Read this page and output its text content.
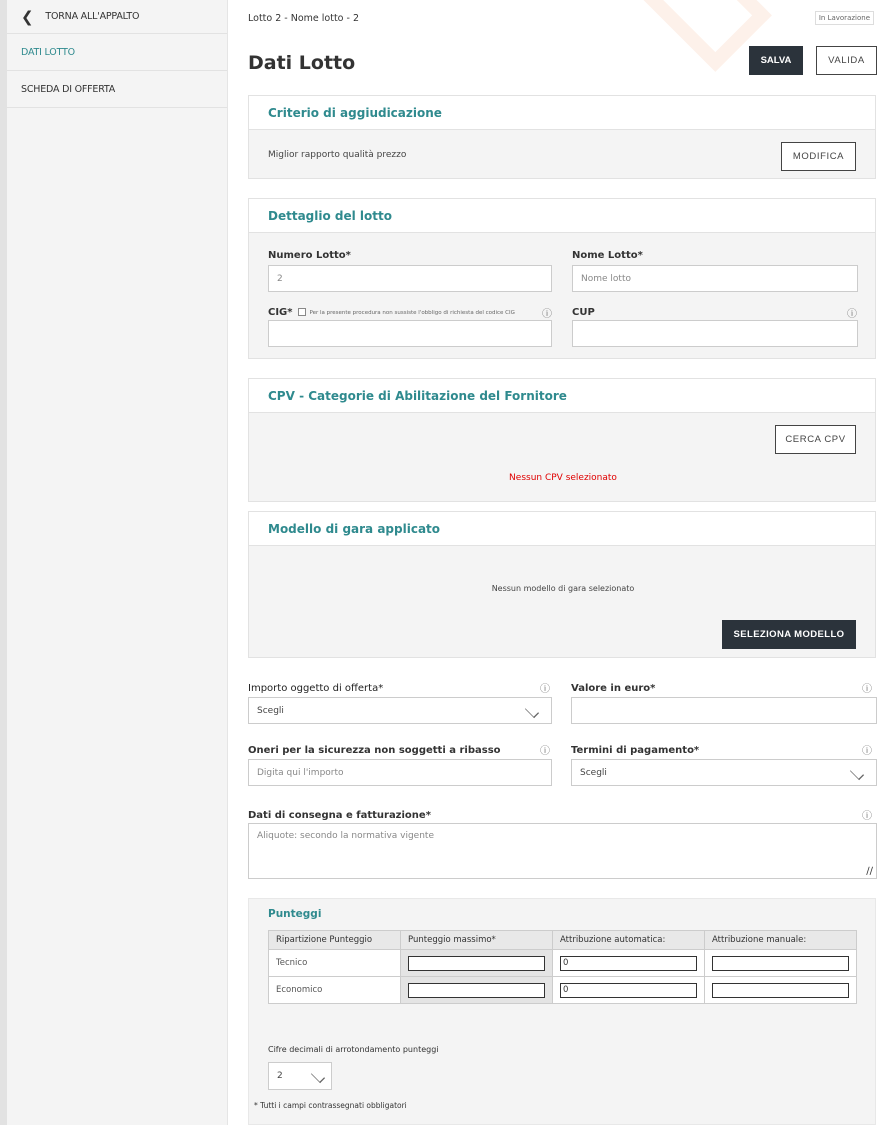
❮ TORNA ALL'APPALTO
DATI LOTTO
SCHEDA DI OFFERTA
Lotto 2 - Nome lotto - 2	In Lavorazione
Dati Lotto	SALVA	VALIDA
Criterio di aggiudicazione
Miglior rapporto qualità prezzo	MODIFICA
Dettaglio del lotto
Numero Lotto*
2
Nome Lotto*
Nome lotto
CIG*	Per la presente procedura non sussiste l'obbligo di richiesta del codice CIG	ⓘ CUP	ⓘ
CPV - Categorie di Abilitazione del Fornitore
CERCA CPV
Nessun CPV selezionato
Modello di gara applicato
Nessun modello di gara selezionato
SELEZIONA MODELLO
Importo oggetto di offerta*	ⓘ
Scegli
Valore in euro*	ⓘ
Oneri per la sicurezza non soggetti a ribasso	ⓘ
Digita qui l'importo
Termini di pagamento*	ⓘ
Scegli
Dati di consegna e fatturazione*	ⓘ
Aliquote: secondo la normativa vigente
∕∕
Punteggi
Ripartizione Punteggio	Punteggio massimo*	Attribuzione automatica:	Attribuzione manuale:
Tecnico		0	

Economico		0	

Cifre decimali di arrotondamento punteggi
2
* Tutti i campi contrassegnati obbligatori
